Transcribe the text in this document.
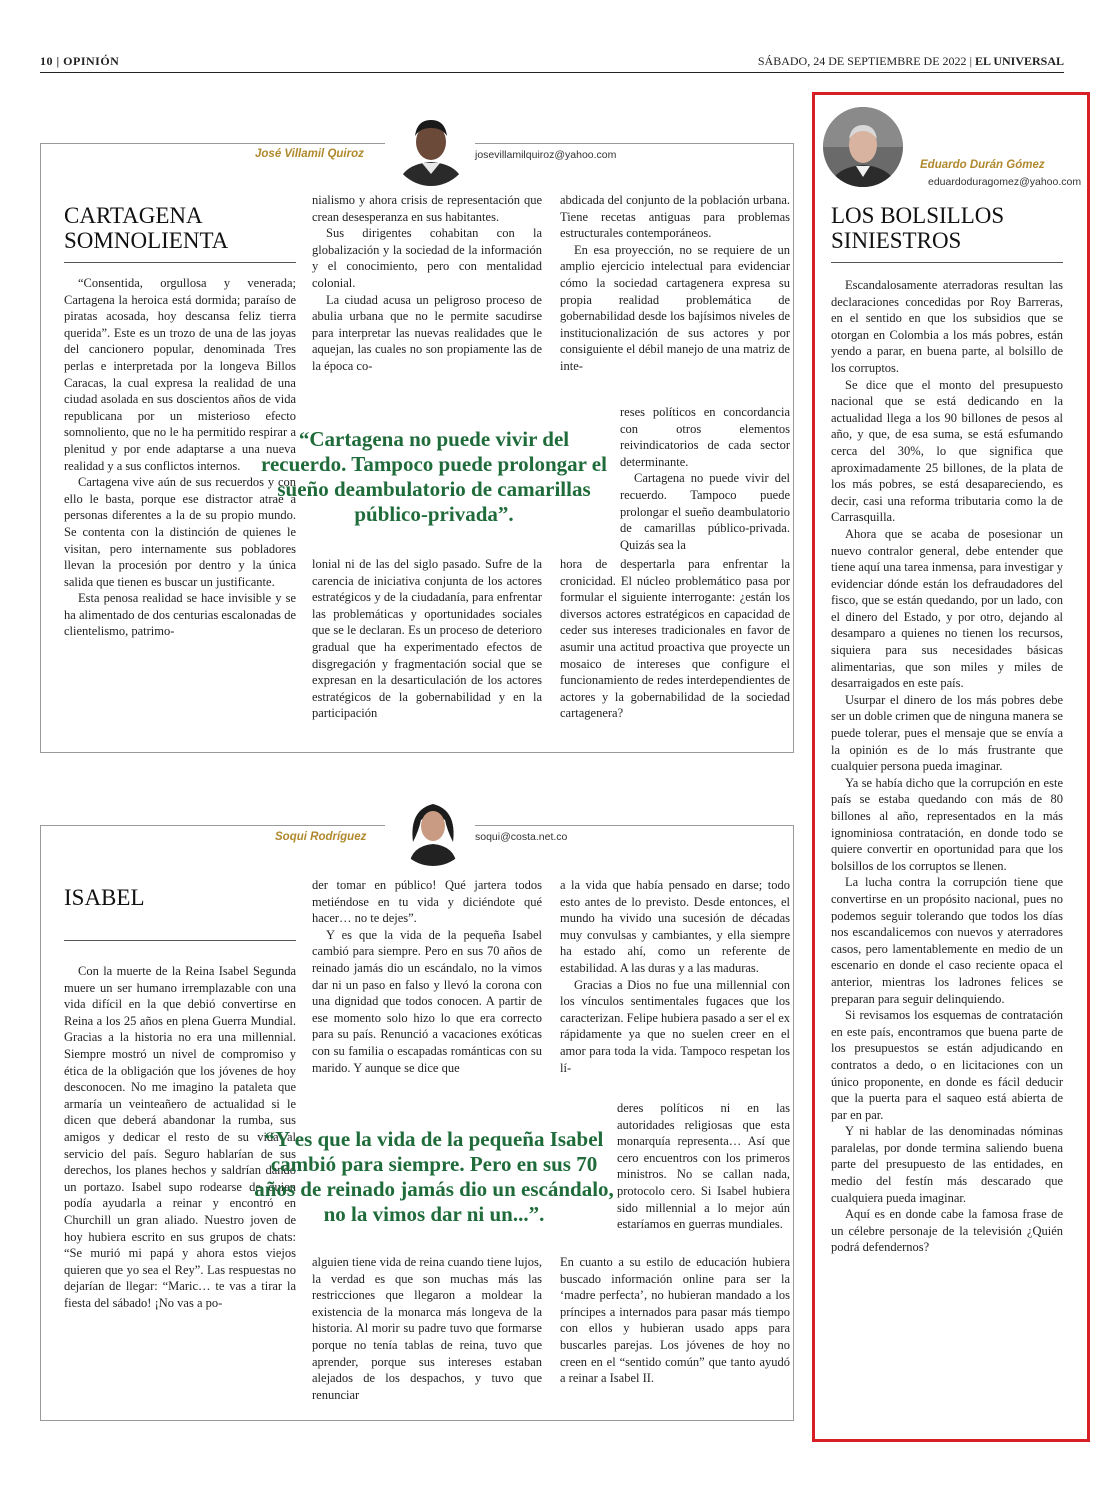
10 | OPINIÓN	SÁBADO, 24 DE SEPTIEMBRE DE 2022 | EL UNIVERSAL
José Villamil Quiroz	josevillamilquiroz@yahoo.com
CARTAGENA
SOMNOLIENTA

“Consentida, orgullosa y venerada; Cartagena la heroica está dormida; paraíso de piratas acosada, hoy descansa feliz tierra querida”. Este es un trozo de una de las joyas del cancionero popular, denominada Tres perlas e interpretada por la longeva Billos Caracas, la cual expresa la realidad de una ciudad asolada en sus doscientos años de vida republicana por un misterioso efecto somnoliento, que no le ha permitido respirar a plenitud y por ende adaptarse a una nueva realidad y a sus conflictos internos.

Cartagena vive aún de sus recuerdos y con ello le basta, porque ese distractor atrae a personas diferentes a la de su propio mundo. Se contenta con la distinción de quienes le visitan, pero internamente sus pobladores llevan la procesión por dentro y la única salida que tienen es buscar un justificante.

Esta penosa realidad se hace invisible y se ha alimentado de dos centurias escalonadas de clientelismo, patrimo-

nialismo y ahora crisis de representación que crean desesperanza en sus habitantes.

Sus dirigentes cohabitan con la globalización y la sociedad de la información y el conocimiento, pero con mentalidad colonial.

La ciudad acusa un peligroso proceso de abulia urbana que no le permite sacudirse para interpretar las nuevas realidades que le aquejan, las cuales no son propiamente las de la época co-

“Cartagena no puede vivir del recuerdo. Tampoco puede prolongar el sueño deambulatorio de camarillas público-privada”.

lonial ni de las del siglo pasado. Sufre de la carencia de iniciativa conjunta de los actores estratégicos y de la ciudadanía, para enfrentar las problemáticas y oportunidades sociales que se le declaran. Es un proceso de deterioro gradual que ha experimentado efectos de disgregación y fragmentación social que se expresan en la desarticulación de los actores estratégicos de la gobernabilidad y en la participación

abdicada del conjunto de la población urbana. Tiene recetas antiguas para problemas estructurales contemporáneos.

En esa proyección, no se requiere de un amplio ejercicio intelectual para evidenciar cómo la sociedad cartagenera expresa su propia realidad problemática de gobernabilidad desde los bajísimos niveles de institucionalización de sus actores y por consiguiente el débil manejo de una matriz de inte-

reses políticos en concordancia con otros elementos reivindicatorios de cada sector determinante.

Cartagena no puede vivir del recuerdo. Tampoco puede prolongar el sueño deambulatorio de camarillas público-privada. Quizás sea la

hora de despertarla para enfrentar la cronicidad. El núcleo problemático pasa por formular el siguiente interrogante: ¿están los diversos actores estratégicos en capacidad de ceder sus intereses tradicionales en favor de asumir una actitud proactiva que proyecte un mosaico de intereses que configure el funcionamiento de redes interdependientes de actores y la gobernabilidad de la sociedad cartagenera?

Soqui Rodríguez	soqui@costa.net.co
ISABEL

Con la muerte de la Reina Isabel Segunda muere un ser humano irremplazable con una vida difícil en la que debió convertirse en Reina a los 25 años en plena Guerra Mundial. Gracias a la historia no era una millennial. Siempre mostró un nivel de compromiso y ética de la obligación que los jóvenes de hoy desconocen. No me imagino la pataleta que armaría un veinteañero de actualidad si le dicen que deberá abandonar la rumba, sus amigos y dedicar el resto de su vida al servicio del país. Seguro hablarían de sus derechos, los planes hechos y saldrían dando un portazo. Isabel supo rodearse de quien podía ayudarla a reinar y encontró en Churchill un gran aliado. Nuestro joven de hoy hubiera escrito en sus grupos de chats: “Se murió mi papá y ahora estos viejos quieren que yo sea el Rey”. Las respuestas no dejarían de llegar: “Maric… te vas a tirar la fiesta del sábado! ¡No vas a po-

der tomar en público! Qué jartera todos metiéndose en tu vida y diciéndote qué hacer… no te dejes”.

Y es que la vida de la pequeña Isabel cambió para siempre. Pero en sus 70 años de reinado jamás dio un escándalo, no la vimos dar ni un paso en falso y llevó la corona con una dignidad que todos conocen. A partir de ese momento solo hizo lo que era correcto para su país. Renunció a vacaciones exóticas con su familia o escapadas románticas con su marido. Y aunque se dice que

“Y es que la vida de la pequeña Isabel cambió para siempre. Pero en sus 70 años de reinado jamás dio un escándalo, no la vimos dar ni un...”.

alguien tiene vida de reina cuando tiene lujos, la verdad es que son muchas más las restricciones que llegaron a moldear la existencia de la monarca más longeva de la historia. Al morir su padre tuvo que formarse porque no tenía tablas de reina, tuvo que aprender, porque sus intereses estaban alejados de los despachos, y tuvo que renunciar

a la vida que había pensado en darse; todo esto antes de lo previsto. Desde entonces, el mundo ha vivido una sucesión de décadas muy convulsas y cambiantes, y ella siempre ha estado ahí, como un referente de estabilidad. A las duras y a las maduras.

Gracias a Dios no fue una millennial con los vínculos sentimentales fugaces que los caracterizan. Felipe hubiera pasado a ser el ex rápidamente ya que no suelen creer en el amor para toda la vida. Tampoco respetan los lí-

deres políticos ni en las autoridades religiosas que esta monarquía representa… Así que cero encuentros con los primeros ministros. No se callan nada, protocolo cero. Si Isabel hubiera sido millennial a lo mejor aún estaríamos en guerras mundiales.

En cuanto a su estilo de educación hubiera buscado información online para ser la ‘madre perfecta’, no hubieran mandado a los príncipes a internados para pasar más tiempo con ellos y hubieran usado apps para buscarles parejas. Los jóvenes de hoy no creen en el “sentido común” que tanto ayudó a reinar a Isabel II.

Eduardo Durán Gómez
eduardoduragomez@yahoo.com
LOS BOLSILLOS
SINIESTROS

Escandalosamente aterradoras resultan las declaraciones concedidas por Roy Barreras, en el sentido en que los subsidios que se otorgan en Colombia a los más pobres, están yendo a parar, en buena parte, al bolsillo de los corruptos.

Se dice que el monto del presupuesto nacional que se está dedicando en la actualidad llega a los 90 billones de pesos al año, y que, de esa suma, se está esfumando cerca del 30%, lo que significa que aproximadamente 25 billones, de la plata de los más pobres, se está desapareciendo, es decir, casi una reforma tributaria como la de Carrasquilla.

Ahora que se acaba de posesionar un nuevo contralor general, debe entender que tiene aquí una tarea inmensa, para investigar y evidenciar dónde están los defraudadores del fisco, que se están quedando, por un lado, con el dinero del Estado, y por otro, dejando al desamparo a quienes no tienen los recursos, siquiera para sus necesidades básicas alimentarias, que son miles y miles de desarraigados en este país.

Usurpar el dinero de los más pobres debe ser un doble crimen que de ninguna manera se puede tolerar, pues el mensaje que se envía a la opinión es de lo más frustrante que cualquier persona pueda imaginar.

Ya se había dicho que la corrupción en este país se estaba quedando con más de 80 billones al año, representados en la más ignominiosa contratación, en donde todo se quiere convertir en oportunidad para que los bolsillos de los corruptos se llenen.

La lucha contra la corrupción tiene que convertirse en un propósito nacional, pues no podemos seguir tolerando que todos los días nos escandalicemos con nuevos y aterradores casos, pero lamentablemente en medio de un escenario en donde el caso reciente opaca el anterior, mientras los ladrones felices se preparan para seguir delinquiendo.

Si revisamos los esquemas de contratación en este país, encontramos que buena parte de los presupuestos se están adjudicando en contratos a dedo, o en licitaciones con un único proponente, en donde es fácil deducir que la puerta para el saqueo está abierta de par en par.

Y ni hablar de las denominadas nóminas paralelas, por donde termina saliendo buena parte del presupuesto de las entidades, en medio del festín más descarado que cualquiera pueda imaginar.

Aquí es en donde cabe la famosa frase de un célebre personaje de la televisión ¿Quién podrá defendernos?
